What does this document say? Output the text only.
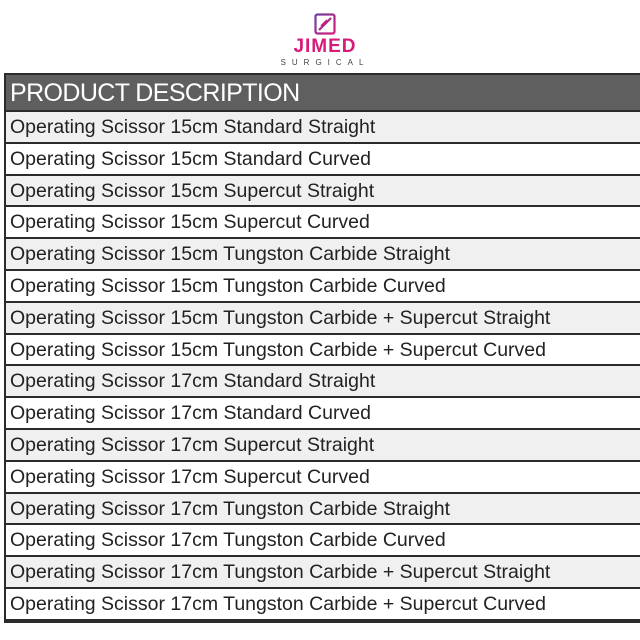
JIMED
SURGICAL
PRODUCT DESCRIPTION
Operating Scissor 15cm Standard Straight
Operating Scissor 15cm Standard Curved
Operating Scissor 15cm Supercut Straight
Operating Scissor 15cm Supercut Curved
Operating Scissor 15cm Tungston Carbide Straight
Operating Scissor 15cm Tungston Carbide Curved
Operating Scissor 15cm Tungston Carbide + Supercut Straight
Operating Scissor 15cm Tungston Carbide + Supercut Curved
Operating Scissor 17cm Standard Straight
Operating Scissor 17cm Standard Curved
Operating Scissor 17cm Supercut Straight
Operating Scissor 17cm Supercut Curved
Operating Scissor 17cm Tungston Carbide Straight
Operating Scissor 17cm Tungston Carbide Curved
Operating Scissor 17cm Tungston Carbide + Supercut Straight
Operating Scissor 17cm Tungston Carbide + Supercut Curved
